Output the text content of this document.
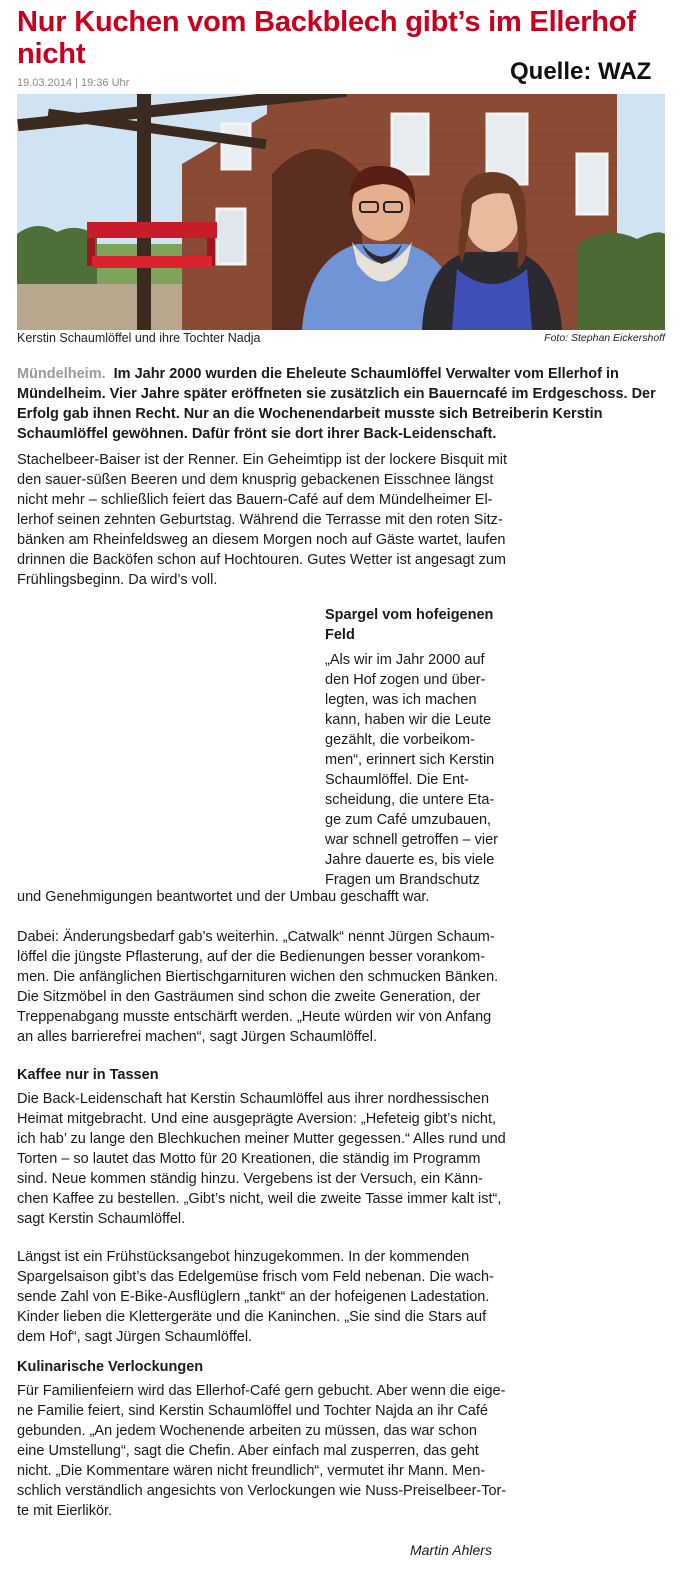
Nur Kuchen vom Backblech gibt’s im Ellerhof nicht
Quelle: WAZ
19.03.2014 | 19:36 Uhr
Kerstin Schaumlöffel und ihre Tochter Nadja	Foto: Stephan Eickershoff

Mündelheim. Im Jahr 2000 wurden die Eheleute Schaumlöffel Verwalter vom Ellerhof in Mündelheim. Vier Jahre später eröffneten sie zusätzlich ein Bauerncafé im Erdgeschoss. Der Erfolg gab ihnen Recht. Nur an die Wochenendarbeit musste sich Betreiberin Kerstin Schaumlöffel gewöhnen. Dafür frönt sie dort ihrer Back-Leidenschaft.

Stachelbeer-Baiser ist der Renner. Ein Geheimtipp ist der lockere Bisquit mit
den sauer-süßen Beeren und dem knusprig gebackenen Eisschnee längst
nicht mehr – schließlich feiert das Bauern-Café auf dem Mündelheimer El-
lerhof seinen zehnten Geburtstag. Während die Terrasse mit den roten Sitz-
bänken am Rheinfeldsweg an diesem Morgen noch auf Gäste wartet, laufen
drinnen die Backöfen schon auf Hochtouren. Gutes Wetter ist angesagt zum
Frühlingsbeginn. Da wird’s voll.

Spargel vom hofeigenen
Feld

„Als wir im Jahr 2000 auf
den Hof zogen und über-
legten, was ich machen
kann, haben wir die Leute
gezählt, die vorbeikom-
men“, erinnert sich Kerstin
Schaumlöffel. Die Ent-
scheidung, die untere Eta-
ge zum Café umzubauen,
war schnell getroffen – vier
Jahre dauerte es, bis viele
Fragen um Brandschutz

und Genehmigungen beantwortet und der Umbau geschafft war.

Dabei: Änderungsbedarf gab’s weiterhin. „Catwalk“ nennt Jürgen Schaum-
löffel die jüngste Pflasterung, auf der die Bedienungen besser vorankom-
men. Die anfänglichen Biertischgarnituren wichen den schmucken Bänken.
Die Sitzmöbel in den Gasträumen sind schon die zweite Generation, der
Treppenabgang musste entschärft werden. „Heute würden wir von Anfang
an alles barrierefrei machen“, sagt Jürgen Schaumlöffel.

Kaffee nur in Tassen

Die Back-Leidenschaft hat Kerstin Schaumlöffel aus ihrer nordhessischen
Heimat mitgebracht. Und eine ausgeprägte Aversion: „Hefeteig gibt’s nicht,
ich hab’ zu lange den Blechkuchen meiner Mutter gegessen.“ Alles rund und
Torten – so lautet das Motto für 20 Kreationen, die ständig im Programm
sind. Neue kommen ständig hinzu. Vergebens ist der Versuch, ein Känn-
chen Kaffee zu bestellen. „Gibt’s nicht, weil die zweite Tasse immer kalt ist“,
sagt Kerstin Schaumlöffel.

Längst ist ein Frühstücksangebot hinzugekommen. In der kommenden
Spargelsaison gibt’s das Edelgemüse frisch vom Feld nebenan. Die wach-
sende Zahl von E-Bike-Ausflüglern „tankt“ an der hofeigenen Ladestation.
Kinder lieben die Klettergeräte und die Kaninchen. „Sie sind die Stars auf
dem Hof“, sagt Jürgen Schaumlöffel.

Kulinarische Verlockungen

Für Familienfeiern wird das Ellerhof-Café gern gebucht. Aber wenn die eige-
ne Familie feiert, sind Kerstin Schaumlöffel und Tochter Najda an ihr Café
gebunden. „An jedem Wochenende arbeiten zu müssen, das war schon
eine Umstellung“, sagt die Chefin. Aber einfach mal zusperren, das geht
nicht. „Die Kommentare wären nicht freundlich“, vermutet ihr Mann. Men-
schlich verständlich angesichts von Verlockungen wie Nuss-Preiselbeer-Tor-
te mit Eierlikör.

Martin Ahlers
